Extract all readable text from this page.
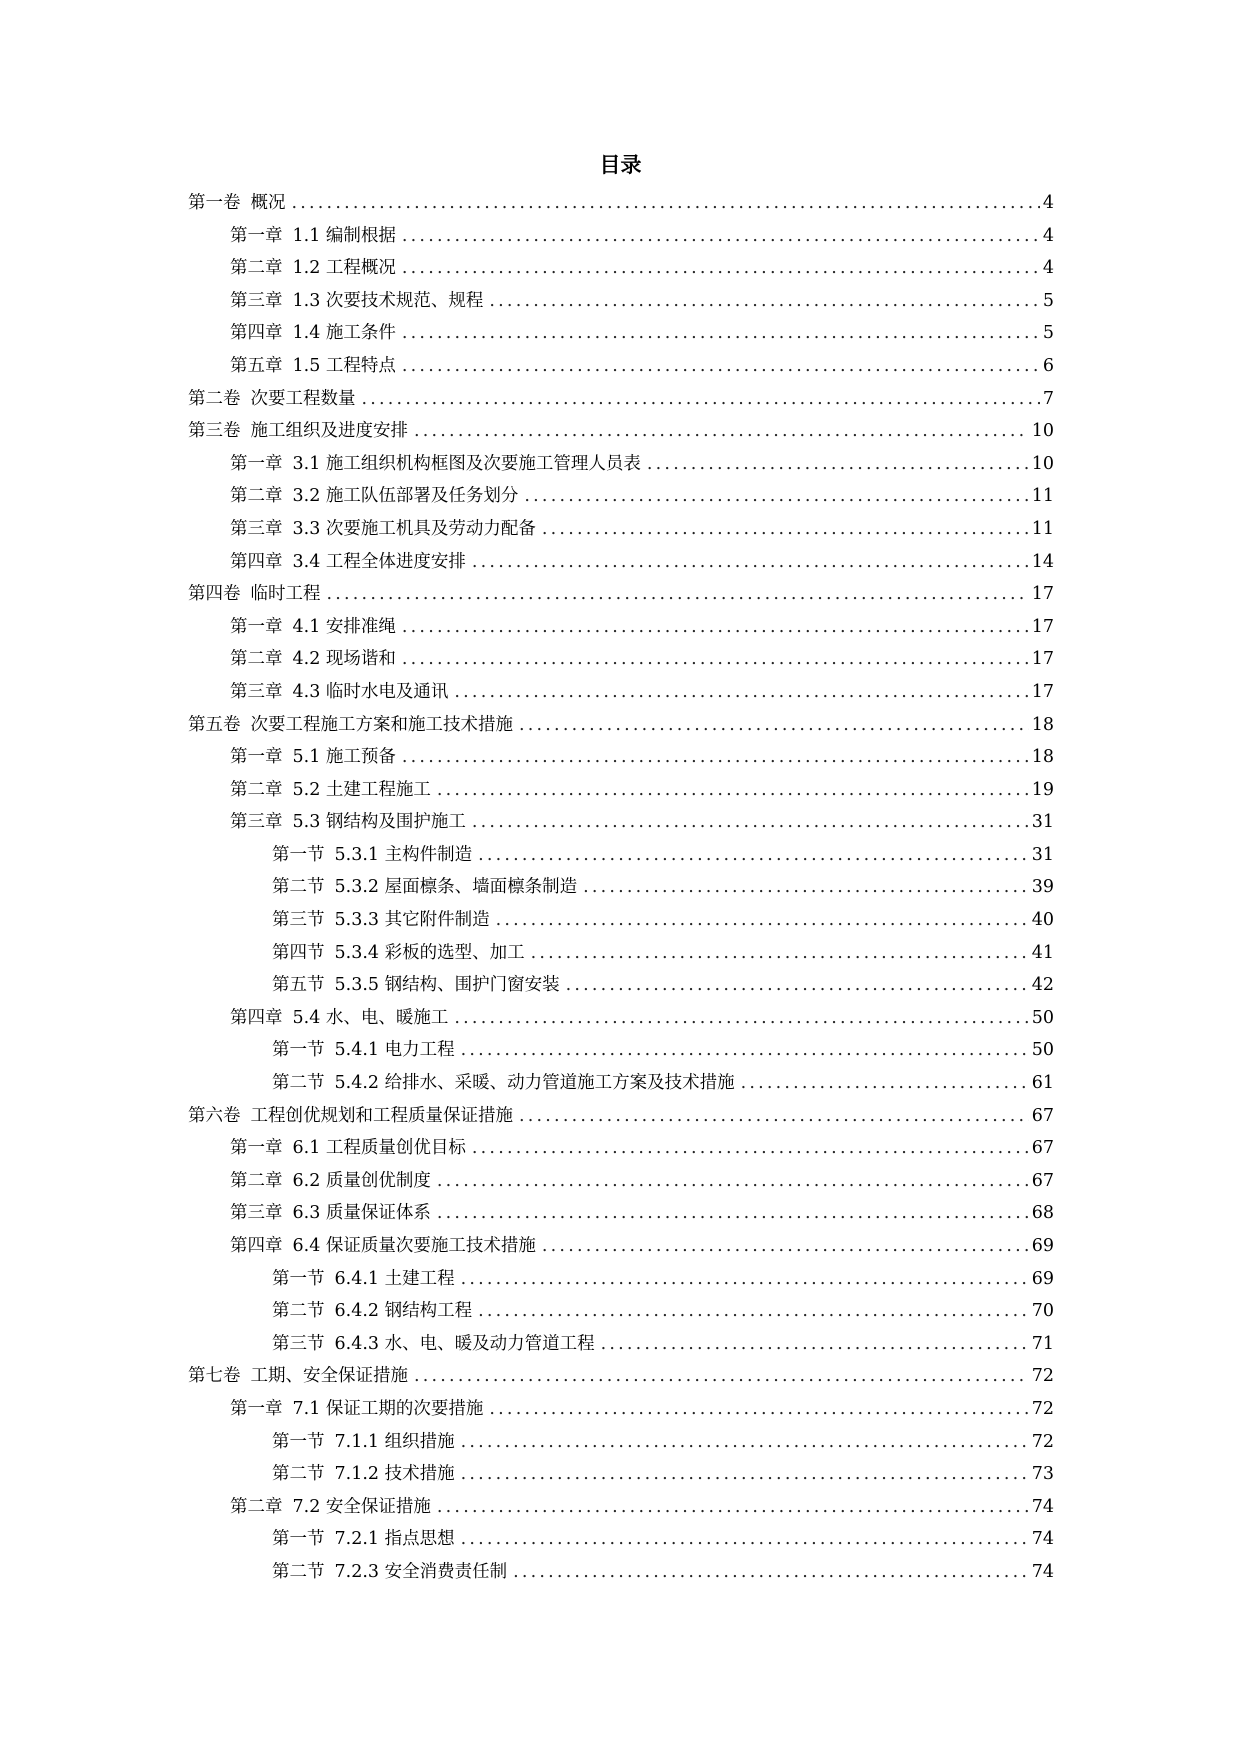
目录
第一卷 概况 .....	4
第一章 1.1 编制根据 .....	4
第二章 1.2 工程概况 .....	4
第三章 1.3 次要技术规范、规程 .....	5
第四章 1.4 施工条件 .....	5
第五章 1.5 工程特点 .....	6
第二卷 次要工程数量 .....	7
第三卷 施工组织及进度安排 .....	10
第一章 3.1 施工组织机构框图及次要施工管理人员表 .....	10
第二章 3.2 施工队伍部署及任务划分 .....	11
第三章 3.3 次要施工机具及劳动力配备 .....	11
第四章 3.4 工程全体进度安排 .....	14
第四卷 临时工程 .....	17
第一章 4.1 安排准绳 .....	17
第二章 4.2 现场谐和 .....	17
第三章 4.3 临时水电及通讯 .....	17
第五卷 次要工程施工方案和施工技术措施 .....	18
第一章 5.1 施工预备 .....	18
第二章 5.2 土建工程施工 .....	19
第三章 5.3 钢结构及围护施工 .....	31
第一节 5.3.1 主构件制造 .....	31
第二节 5.3.2 屋面檩条、墙面檩条制造 .....	39
第三节 5.3.3 其它附件制造 .....	40
第四节 5.3.4 彩板的选型、加工 .....	41
第五节 5.3.5 钢结构、围护门窗安装 .....	42
第四章 5.4 水、电、暖施工 .....	50
第一节 5.4.1 电力工程 .....	50
第二节 5.4.2 给排水、采暖、动力管道施工方案及技术措施 .....	61
第六卷 工程创优规划和工程质量保证措施 .....	67
第一章 6.1 工程质量创优目标 .....	67
第二章 6.2 质量创优制度 .....	67
第三章 6.3 质量保证体系 .....	68
第四章 6.4 保证质量次要施工技术措施 .....	69
第一节 6.4.1 土建工程 .....	69
第二节 6.4.2 钢结构工程 .....	70
第三节 6.4.3 水、电、暖及动力管道工程 .....	71
第七卷 工期、安全保证措施 .....	72
第一章 7.1 保证工期的次要措施 .....	72
第一节 7.1.1 组织措施 .....	72
第二节 7.1.2 技术措施 .....	73
第二章 7.2 安全保证措施 .....	74
第一节 7.2.1 指点思想 .....	74
第二节 7.2.3 安全消费责任制 .....	74
